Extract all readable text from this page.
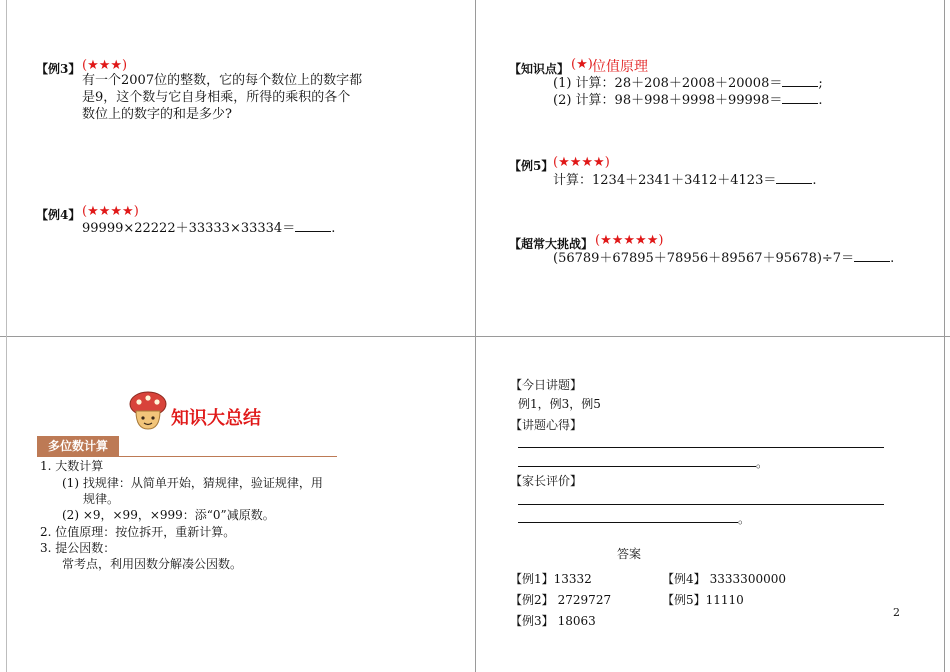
【例3】 (★★★)
有一个2007位的整数，它的每个数位上的数字都
是9，这个数与它自身相乘，所得的乘积的各个
数位上的数字的和是多少?
【例4】 (★★★★)
99999×22222＋33333×33334＝	.
【知识点】 (★) 位值原理
(1) 计算：28＋208＋2008＋20008＝	;
(2) 计算：98＋998＋9998＋99998＝	.
【例5】 (★★★★)
计算：1234＋2341＋3412＋4123＝	.
【超常大挑战】 (★★★★★)
(56789＋67895＋78956＋89567＋95678)÷7＝	.
知识大总结
多位数计算
1. 大数计算
(1) 找规律：从简单开始，猜规律，验证规律，用
规律。
(2) ×9，×99，×999：添“0”减原数。
2. 位值原理：按位拆开，重新计算。
3. 提公因数：
常考点，利用因数分解凑公因数。
【今日讲题】
例1，例3，例5
【讲题心得】
。
【家长评价】
。
答案
【例1】13332
【例2】 2729727
【例3】 18063
【例4】 3333300000
【例5】11110
2
